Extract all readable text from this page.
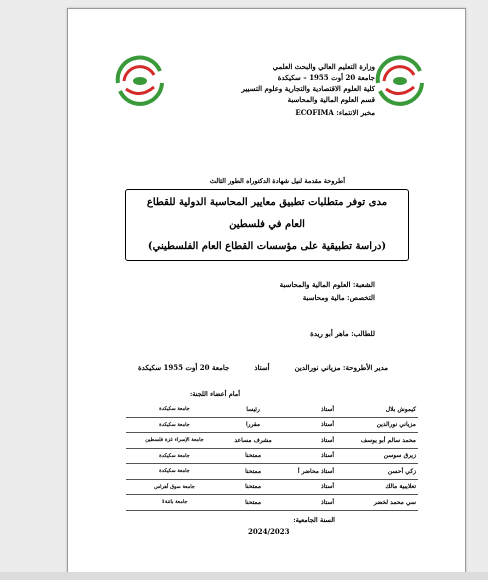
وزارة التعليم العالي والبحث العلمي
جامعة 20 أوت 1955 – سكيكدة
كلية العلوم الاقتصادية والتجارية وعلوم التسيير
قسم العلوم المالية والمحاسبة
مخبر الانتماء: ECOFIMA
أطروحة مقدمة لنيل شهادة الدكتوراه الطور الثالث
مدى توفر متطلبات تطبيق معايير المحاسبة الدولية للقطاع
العام في فلسطين
(دراسة تطبيقية على مؤسسات القطاع العام الفلسطيني)
الشعبة: العلوم المالية والمحاسبة
التخصص: مالية ومحاسبة
للطالب: ماهر أبو ريدة
مدير الأطروحة: مزياني نورالدين
أستاذ
جامعة 20 أوت 1955 سكيكدة
أمام أعضاء اللجنة:
كيموش بلال	أستاذ	رئيسا	جامعة سكيكدة
مزياني نورالدين	أستاذ	مقررا	جامعة سكيكدة
محمد سالم أبو يوسف	أستاذ	مشرف مساعد	جامعة الإسراء غزة فلسطين
زيرق سوسن	أستاذ	ممتحنا	جامعة سكيكدة
زكي أحسن	أستاذ محاضر أ	ممتحنا	جامعة سكيكدة
تعلايبية مالك	أستاذ	ممتحنا	جامعة سوق أهراس
سي محمد لخضر	أستاذ	ممتحنا	جامعة باتنة1
السنة الجامعية:
2024/2023
